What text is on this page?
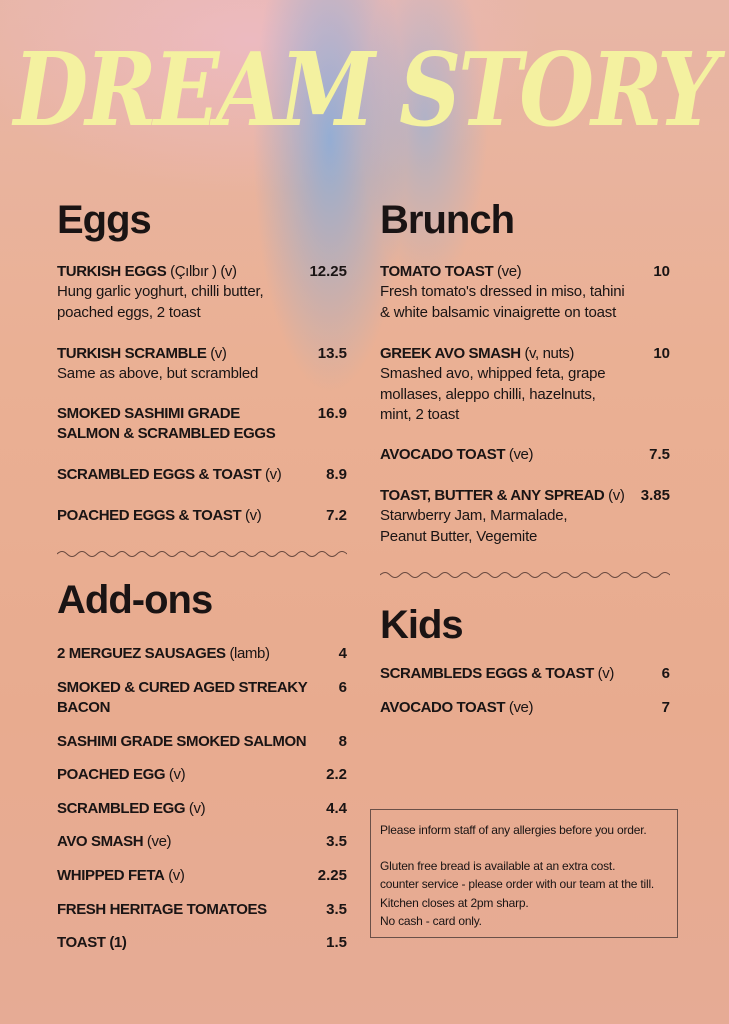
DREAM STORY
Eggs
TURKISH EGGS (Çılbır ) (v)	12.25
Hung garlic yoghurt, chilli butter,
poached eggs, 2 toast
TURKISH SCRAMBLE (v)	13.5
Same as above, but scrambled
SMOKED SASHIMI GRADE
SALMON & SCRAMBLED EGGS
16.9
SCRAMBLED EGGS & TOAST (v)	8.9
POACHED EGGS & TOAST (v)	7.2
Add-ons
2 MERGUEZ SAUSAGES (lamb)	4
SMOKED & CURED AGED STREAKY
BACON
6
SASHIMI GRADE SMOKED SALMON 8
POACHED EGG (v)	2.2
SCRAMBLED EGG (v)	4.4
AVO SMASH (ve)	3.5
WHIPPED FETA (v)	2.25
FRESH HERITAGE TOMATOES	3.5
TOAST (1)	1.5
Brunch
TOMATO TOAST (ve)	10
Fresh tomato's dressed in miso, tahini
& white balsamic vinaigrette on toast
GREEK AVO SMASH (v, nuts)	10
Smashed avo, whipped feta, grape
mollases, aleppo chilli, hazelnuts,
mint, 2 toast
AVOCADO TOAST (ve)	7.5
TOAST, BUTTER & ANY SPREAD (v) 3.85
Starwberry Jam, Marmalade,
Peanut Butter, Vegemite
Kids
SCRAMBLEDS EGGS & TOAST (v)	6
AVOCADO TOAST (ve)	7

Please inform staff of any allergies before you order.

Gluten free bread is available at an extra cost.

counter service - please order with our team at the till.

Kitchen closes at 2pm sharp.

No cash - card only.
